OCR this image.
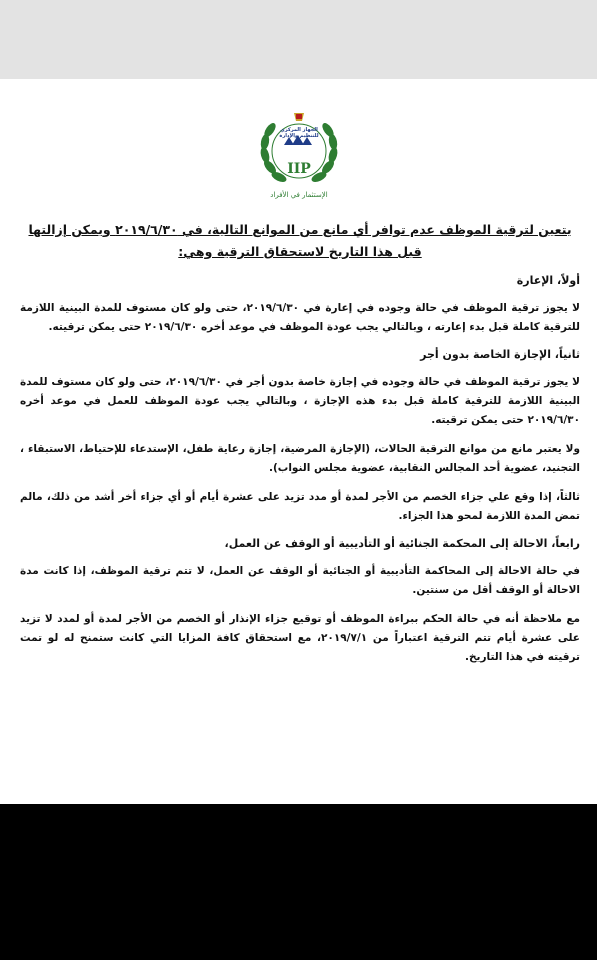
الجهاز المركزي للتنظيم والإدارة
IIP
الإستثمار في الأفراد

يتعين لترقية الموظف عدم توافر أي مانع من الموانع التالية، في ٢٠١٩/٦/٣٠ ويمكن إزالتها قبل هذا التاريخ لاستحقاق الترقية وهي:

أولاً، الإعارة

لا يجوز ترقية الموظف في حالة وجوده في إعارة في ٢٠١٩/٦/٣٠، حتى ولو كان مستوف للمدة البينية اللازمة للترقية كاملة قبل بدء إعارته ، وبالتالي يجب عودة الموظف في موعد أخره ٢٠١٩/٦/٣٠ حتى يمكن ترقيته.

ثانياً، الإجازة الخاصة بدون أجر

لا يجوز ترقية الموظف في حالة وجوده في إجازة خاصة بدون أجر في ٢٠١٩/٦/٣٠، حتى ولو كان مستوف للمدة البينية اللازمة للترقية كاملة قبل بدء هذه الإجازة ، وبالتالي يجب عودة الموظف للعمل في موعد أخره ٢٠١٩/٦/٣٠ حتى يمكن ترقيته.

ولا يعتبر مانع من موانع الترقية الحالات، (الإجازة المرضية، إجازة رعاية طفل، الإستدعاء للإحتياط، الاستبقاء ، التجنيد، عضوية أحد المجالس النقابية، عضوية مجلس النواب).

ثالثاً، إذا وقع علي جزاء الخصم من الأجر لمدة أو مدد تزيد على عشرة أيام أو أي جزاء أخر أشد من ذلك، مالم تمض المدة اللازمة لمحو هذا الجزاء.

رابعاً، الاحالة إلى المحكمة الجنائية أو التأديبية أو الوقف عن العمل،

في حالة الاحالة إلى المحاكمة التأديبية أو الجنائية أو الوقف عن العمل، لا تتم ترقية الموظف، إذا كانت مدة الاحالة أو الوقف أقل من سنتين.

مع ملاحظة أنه في حالة الحكم ببراءة الموظف أو توقيع جزاء الإنذار أو الخصم من الأجر لمدة أو لمدد لا تزيد على عشرة أيام تتم الترقية اعتباراً من ٢٠١٩/٧/١، مع استحقاق كافة المزايا التي كانت ستمنح له لو تمت ترقيته في هذا التاريخ.
